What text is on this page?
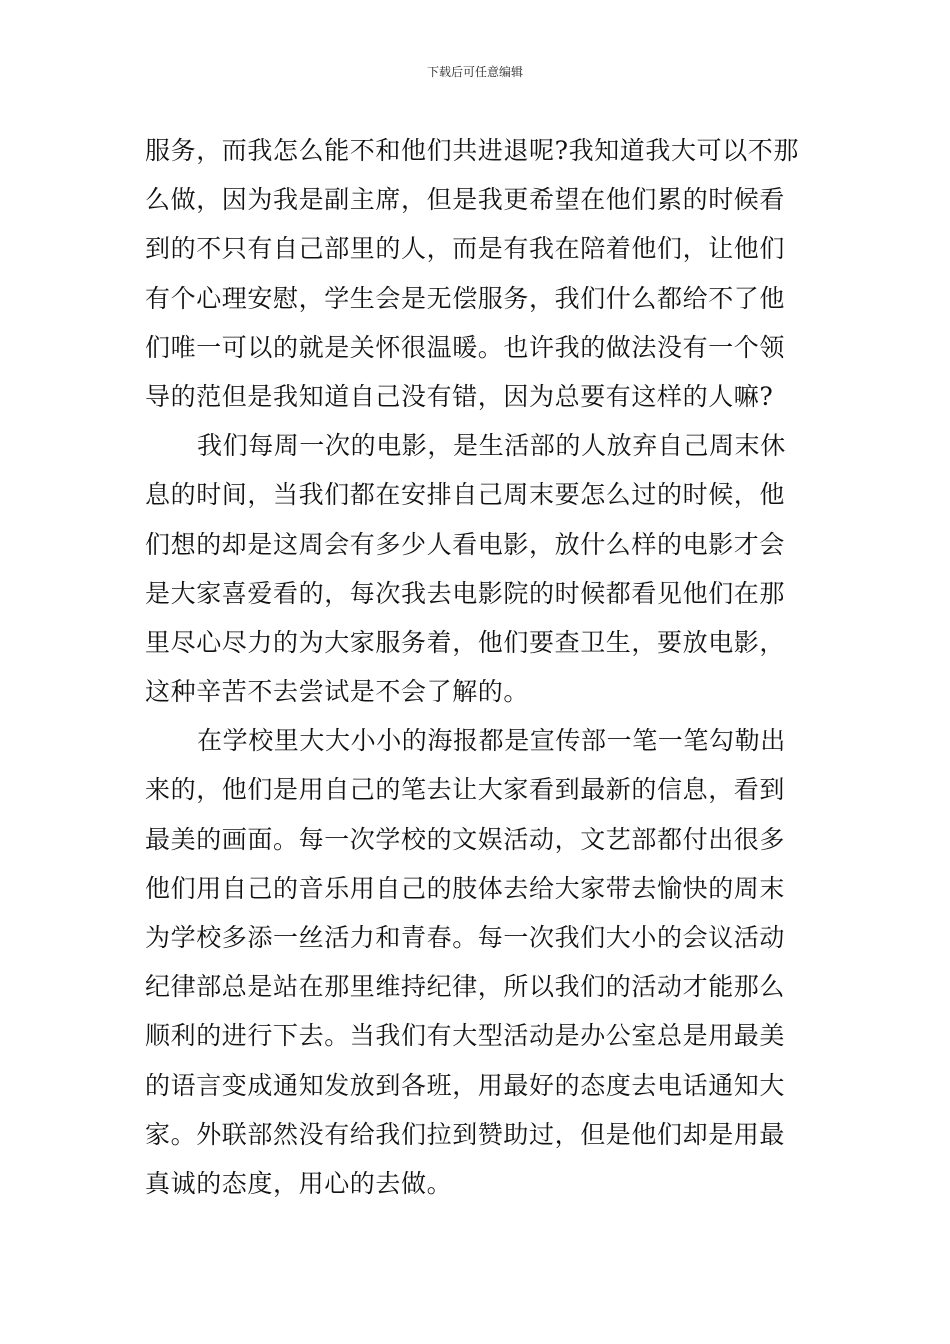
下载后可任意编辑
服务，而我怎么能不和他们共进退呢?我知道我大可以不那
么做，因为我是副主席，但是我更希望在他们累的时候看
到的不只有自己部里的人，而是有我在陪着他们，让他们
有个心理安慰，学生会是无偿服务，我们什么都给不了他
们唯一可以的就是关怀很温暖。也许我的做法没有一个领
导的范但是我知道自己没有错，因为总要有这样的人嘛?
我们每周一次的电影，是生活部的人放弃自己周末休
息的时间，当我们都在安排自己周末要怎么过的时候，他
们想的却是这周会有多少人看电影，放什么样的电影才会
是大家喜爱看的，每次我去电影院的时候都看见他们在那
里尽心尽力的为大家服务着，他们要查卫生，要放电影，
这种辛苦不去尝试是不会了解的。
在学校里大大小小的海报都是宣传部一笔一笔勾勒出
来的，他们是用自己的笔去让大家看到最新的信息，看到
最美的画面。每一次学校的文娱活动，文艺部都付出很多
他们用自己的音乐用自己的肢体去给大家带去愉快的周末
为学校多添一丝活力和青春。每一次我们大小的会议活动
纪律部总是站在那里维持纪律，所以我们的活动才能那么
顺利的进行下去。当我们有大型活动是办公室总是用最美
的语言变成通知发放到各班，用最好的态度去电话通知大
家。外联部然没有给我们拉到赞助过，但是他们却是用最
真诚的态度，用心的去做。
